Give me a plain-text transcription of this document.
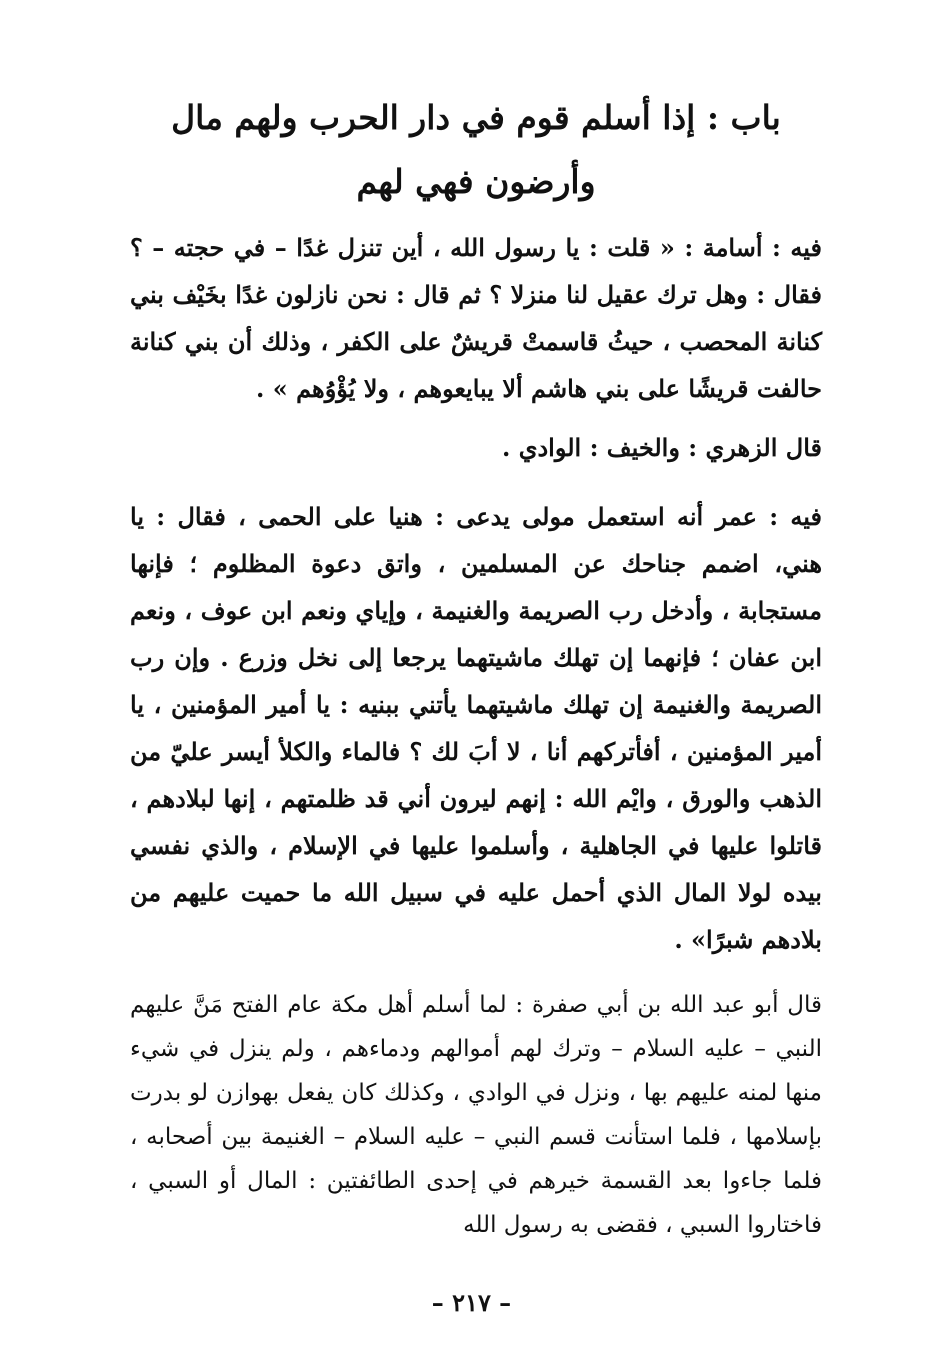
باب : إذا أسلم قوم في دار الحرب ولهم مال
وأرضون فهي لهم

فيه : أسامة : « قلت : يا رسول الله ، أين تنزل غدًا – في حجته – ؟ فقال : وهل ترك عقيل لنا منزلا ؟ ثم قال : نحن نازلون غدًا بخَيْف بني كنانة المحصب ، حيثُ قاسمتْ قريشٌ على الكفر ، وذلك أن بني كنانة حالفت قريشًا على بني هاشم ألا يبايعوهم ، ولا يُؤْوُهم » .

قال الزهري : والخيف : الوادي .

فيه : عمر أنه استعمل مولى يدعى : هنيا على الحمى ، فقال : يا هني، اضمم جناحك عن المسلمين ، واتق دعوة المظلوم ؛ فإنها مستجابة ، وأدخل رب الصريمة والغنيمة ، وإياي ونعم ابن عوف ، ونعم ابن عفان ؛ فإنهما إن تهلك ماشيتهما يرجعا إلى نخل وزرع . وإن رب الصريمة والغنيمة إن تهلك ماشيتهما يأتني ببنيه : يا أمير المؤمنين ، يا أمير المؤمنين ، أفأتركهم أنا ، لا أبَ لك ؟ فالماء والكلأ أيسر عليّ من الذهب والورق ، وايْم الله : إنهم ليرون أني قد ظلمتهم ، إنها لبلادهم ، قاتلوا عليها في الجاهلية ، وأسلموا عليها في الإسلام ، والذي نفسي بيده لولا المال الذي أحمل عليه في سبيل الله ما حميت عليهم من بلادهم شبرًا» .

قال أبو عبد الله بن أبي صفرة : لما أسلم أهل مكة عام الفتح مَنَّ عليهم النبي – عليه السلام – وترك لهم أموالهم ودماءهم ، ولم ينزل في شيء منها لمنه عليهم بها ، ونزل في الوادي ، وكذلك كان يفعل بهوازن لو بدرت بإسلامها ، فلما استأنت قسم النبي – عليه السلام – الغنيمة بين أصحابه ، فلما جاءوا بعد القسمة خيرهم في إحدى الطائفتين : المال أو السبي ، فاختاروا السبي ، فقضى به رسول الله

– ٢١٧ –
